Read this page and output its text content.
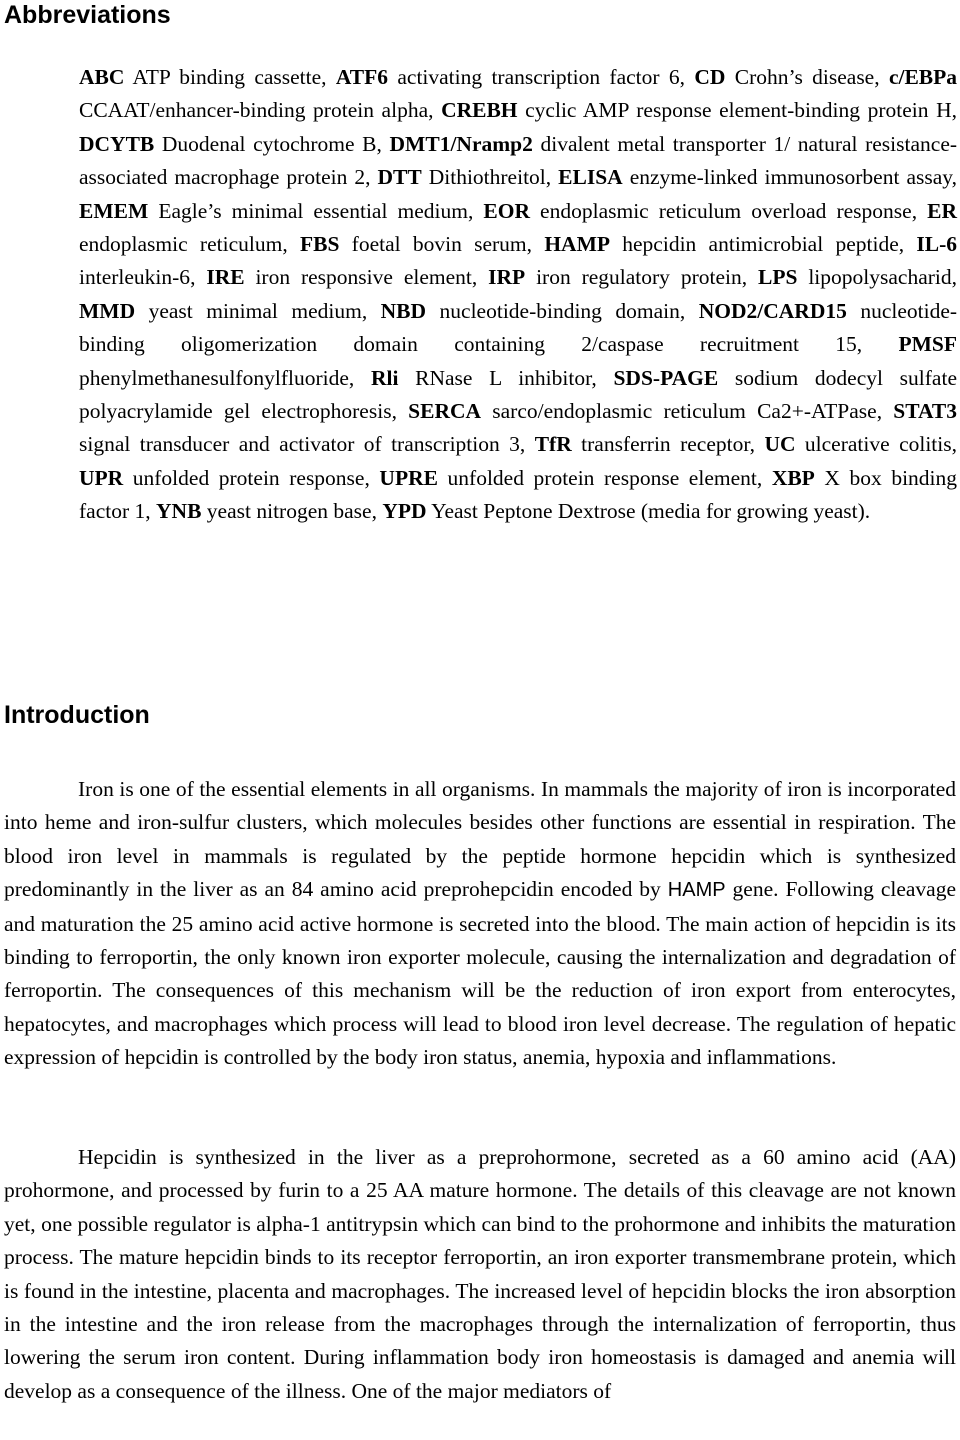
Abbreviations

ABC ATP binding cassette, ATF6 activating transcription factor 6, CD Crohn’s disease, c/EBPa CCAAT/enhancer-binding protein alpha, CREBH cyclic AMP response element-binding protein H, DCYTB Duodenal cytochrome B, DMT1/Nramp2 divalent metal transporter 1/ natural resistance-associated macrophage protein 2, DTT Dithiothreitol, ELISA enzyme-linked immunosorbent assay, EMEM Eagle’s minimal essential medium, EOR endoplasmic reticulum overload response, ER endoplasmic reticulum, FBS foetal bovin serum, HAMP hepcidin antimicrobial peptide, IL-6 interleukin-6, IRE iron responsive element, IRP iron regulatory protein, LPS lipopolysacharid, MMD yeast minimal medium, NBD nucleotide-binding domain, NOD2/CARD15 nucleotide-binding oligomerization domain containing 2/caspase recruitment 15, PMSF phenylmethanesulfonylfluoride, Rli RNase L inhibitor, SDS-PAGE sodium dodecyl sulfate polyacrylamide gel electrophoresis, SERCA sarco/endoplasmic reticulum Ca2+-ATPase, STAT3 signal transducer and activator of transcription 3, TfR transferrin receptor, UC ulcerative colitis, UPR unfolded protein response, UPRE unfolded protein response element, XBP X box binding factor 1, YNB yeast nitrogen base, YPD Yeast Peptone Dextrose (media for growing yeast).

Introduction

Iron is one of the essential elements in all organisms. In mammals the majority of iron is incorporated into heme and iron-sulfur clusters, which molecules besides other functions are essential in respiration. The blood iron level in mammals is regulated by the peptide hormone hepcidin which is synthesized predominantly in the liver as an 84 amino acid preprohepcidin encoded by HAMP gene. Following cleavage and maturation the 25 amino acid active hormone is secreted into the blood. The main action of hepcidin is its binding to ferroportin, the only known iron exporter molecule, causing the internalization and degradation of ferroportin. The consequences of this mechanism will be the reduction of iron export from enterocytes, hepatocytes, and macrophages which process will lead to blood iron level decrease. The regulation of hepatic expression of hepcidin is controlled by the body iron status, anemia, hypoxia and inflammations.

Hepcidin is synthesized in the liver as a preprohormone, secreted as a 60 amino acid (AA) prohormone, and processed by furin to a 25 AA mature hormone. The details of this cleavage are not known yet, one possible regulator is alpha-1 antitrypsin which can bind to the prohormone and inhibits the maturation process. The mature hepcidin binds to its receptor ferroportin, an iron exporter transmembrane protein, which is found in the intestine, placenta and macrophages. The increased level of hepcidin blocks the iron absorption in the intestine and the iron release from the macrophages through the internalization of ferroportin, thus lowering the serum iron content. During inflammation body iron homeostasis is damaged and anemia will develop as a consequence of the illness. One of the major mediators of
